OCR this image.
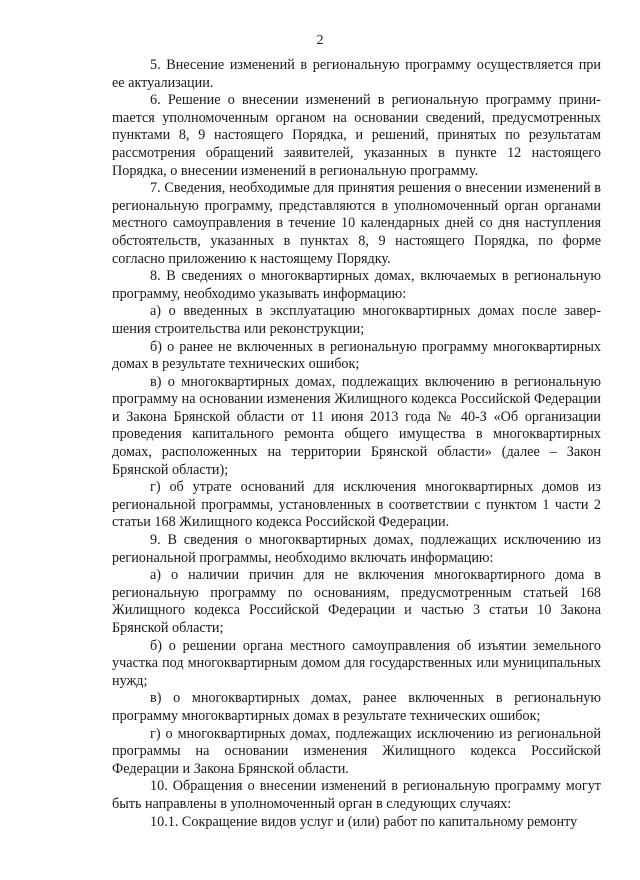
2

5. Внесение изменений в региональную программу осуществляется при ее актуализации.

6. Решение о внесении изменений в региональную программу приниmается уполномоченным органом на основании сведений, предусмотренных пунктами 8, 9 настоящего Порядка, и решений, принятых по результатам рассмотрения обращений заявителей, указанных в пункте 12 настоящего Порядка, о внесении изменений в региональную программу.

7. Сведения, необходимые для принятия решения о внесении изменений в региональную программу, представляются в уполномоченный орган органами местного самоуправления в течение 10 календарных дней со дня наступления обстоятельств, указанных в пунктах 8, 9 настоящего Порядка, по форме согласно приложению к настоящему Порядку.

8. В сведениях о многоквартирных домах, включаемых в региональную программу, необходимо указывать информацию:

а) о введенных в эксплуатацию многоквартирных домах после завершения строительства или реконструкции;

б) о ранее не включенных в региональную программу многоквартирных домах в результате технических ошибок;

в) о многоквартирных домах, подлежащих включению в региональную программу на основании изменения Жилищного кодекса Российской Федерации и Закона Брянской области от 11 июня 2013 года № 40-З «Об организации проведения капитального ремонта общего имущества в многоквартирных домах, расположенных на территории Брянской области» (далее – Закон Брянской области);

г) об утрате оснований для исключения многоквартирных домов из региональной программы, установленных в соответствии с пунктом 1 части 2 статьи 168 Жилищного кодекса Российской Федерации.

9. В сведения о многоквартирных домах, подлежащих исключению из региональной программы, необходимо включать информацию:

а) о наличии причин для не включения многоквартирного дома в региональную программу по основаниям, предусмотренным статьей 168 Жилищного кодекса Российской Федерации и частью 3 статьи 10 Закона Брянской области;

б) о решении органа местного самоуправления об изъятии земельного участка под многоквартирным домом для государственных или муниципальных нужд;

в) о многоквартирных домах, ранее включенных в региональную программу многоквартирных домах в результате технических ошибок;

г) о многоквартирных домах, подлежащих исключению из региональной программы на основании изменения Жилищного кодекса Российской Федерации и Закона Брянской области.

10. Обращения о внесении изменений в региональную программу могут быть направлены в уполномоченный орган в следующих случаях:

10.1. Сокращение видов услуг и (или) работ по капитальному ремонту
